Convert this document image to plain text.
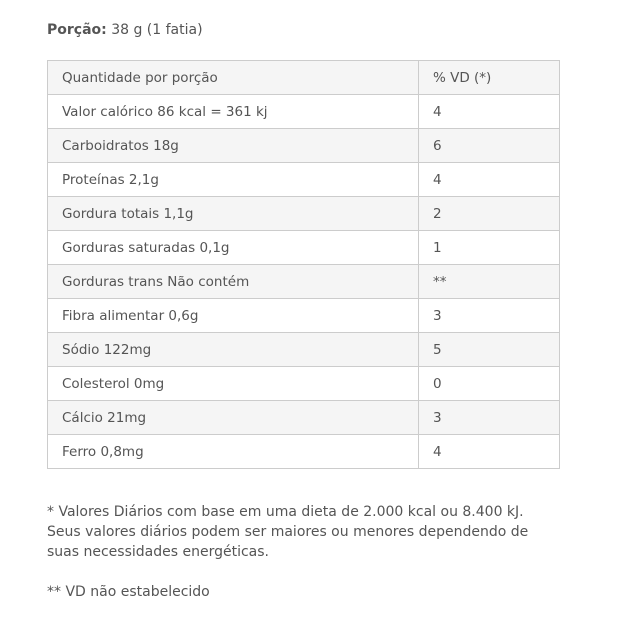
Porção: 38 g (1 fatia)
Quantidade por porção	% VD (*)
Valor calórico 86 kcal = 361 kj	4
Carboidratos 18g	6
Proteínas 2,1g	4
Gordura totais 1,1g	2
Gorduras saturadas 0,1g	1
Gorduras trans Não contém	**
Fibra alimentar 0,6g	3
Sódio 122mg	5
Colesterol 0mg	0
Cálcio 21mg	3
Ferro 0,8mg	4
* Valores Diários com base em uma dieta de 2.000 kcal ou 8.400 kJ. Seus valores diários podem ser maiores ou menores dependendo de suas necessidades energéticas.
** VD não estabelecido
